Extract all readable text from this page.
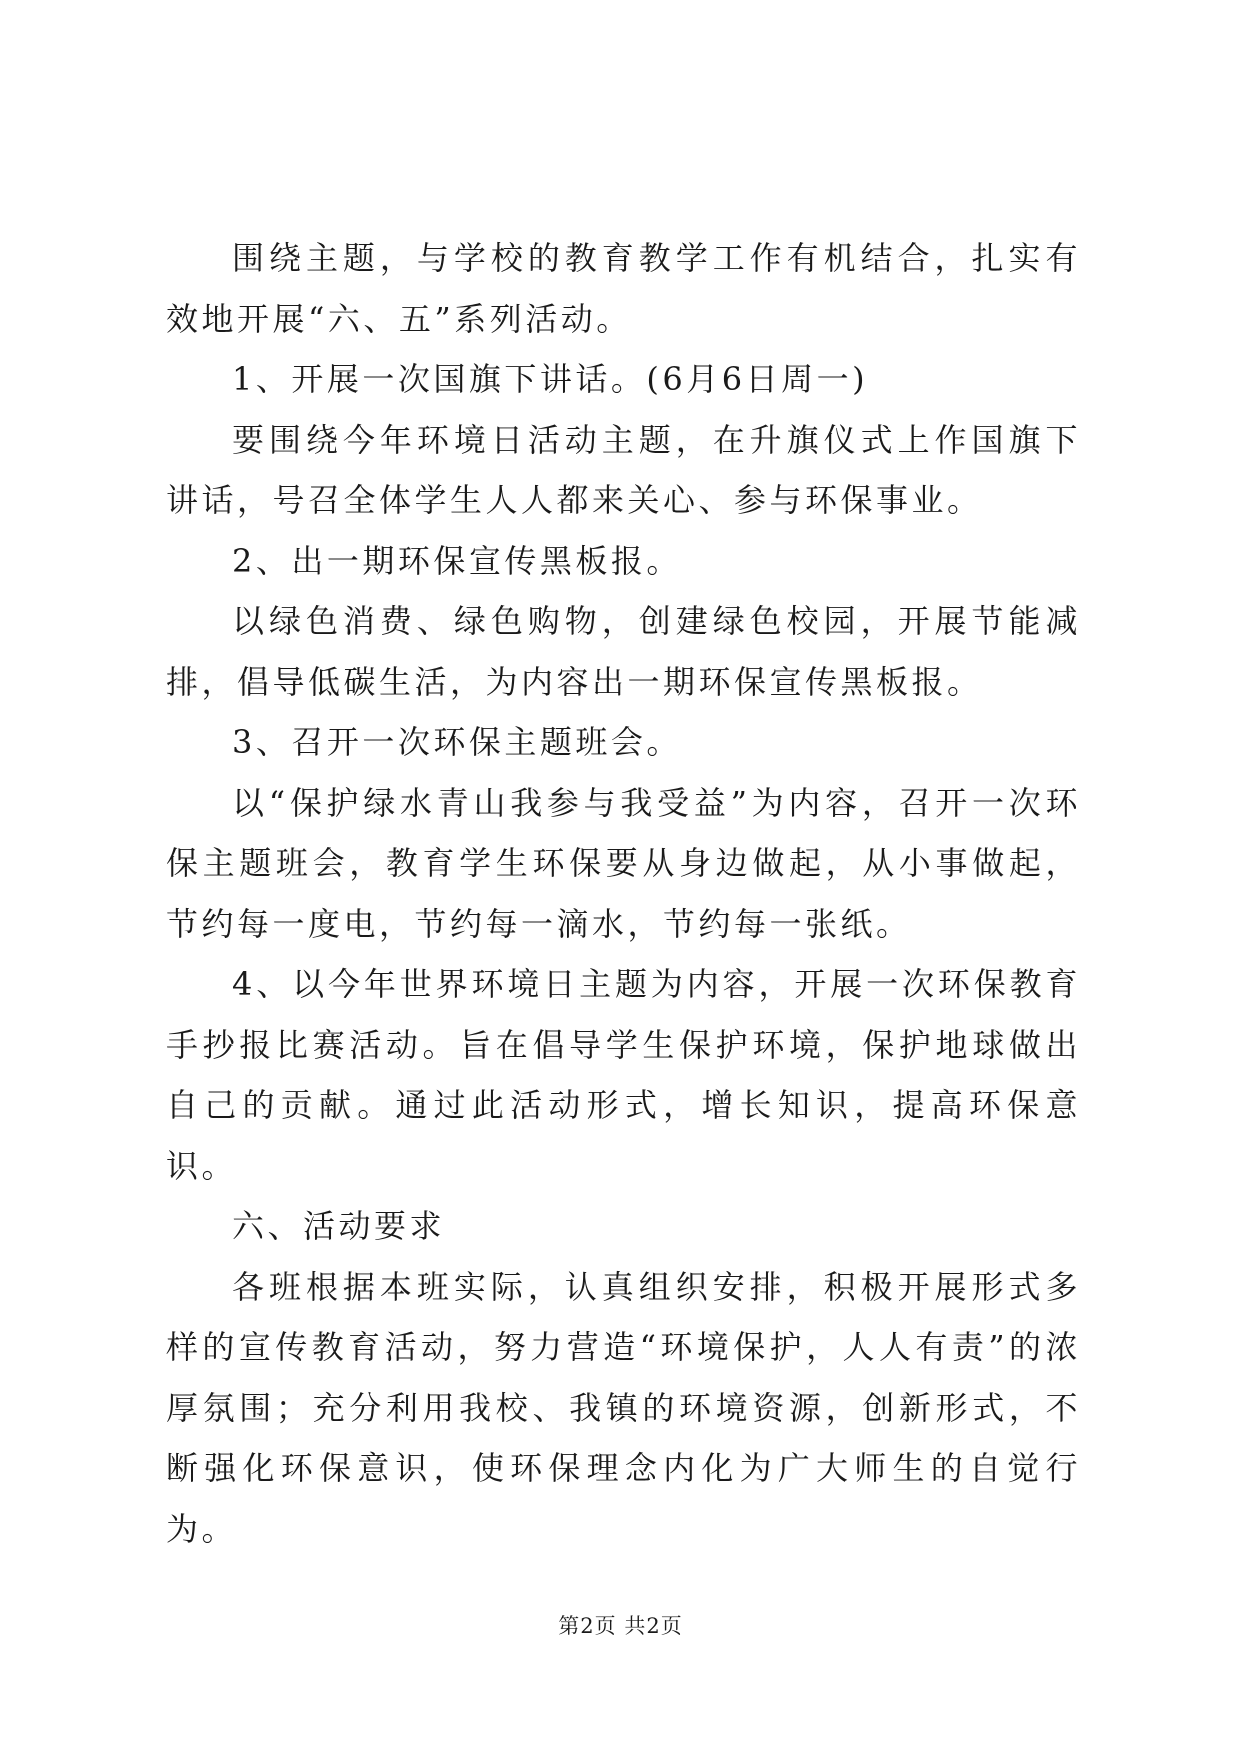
围绕主题，与学校的教育教学工作有机结合，扎实有效地开展“六、五”系列活动。

1、开展一次国旗下讲话。(6月6日周一)

要围绕今年环境日活动主题，在升旗仪式上作国旗下讲话，号召全体学生人人都来关心、参与环保事业。

2、出一期环保宣传黑板报。

以绿色消费、绿色购物，创建绿色校园，开展节能减排，倡导低碳生活，为内容出一期环保宣传黑板报。

3、召开一次环保主题班会。

以“保护绿水青山我参与我受益”为内容，召开一次环保主题班会，教育学生环保要从身边做起，从小事做起，节约每一度电，节约每一滴水，节约每一张纸。

4、以今年世界环境日主题为内容，开展一次环保教育手抄报比赛活动。旨在倡导学生保护环境，保护地球做出自己的贡献。通过此活动形式，增长知识，提高环保意识。

六、活动要求

各班根据本班实际，认真组织安排，积极开展形式多样的宣传教育活动，努力营造“环境保护，人人有责”的浓厚氛围；充分利用我校、我镇的环境资源，创新形式，不断强化环保意识，使环保理念内化为广大师生的自觉行为。

第2页 共2页
